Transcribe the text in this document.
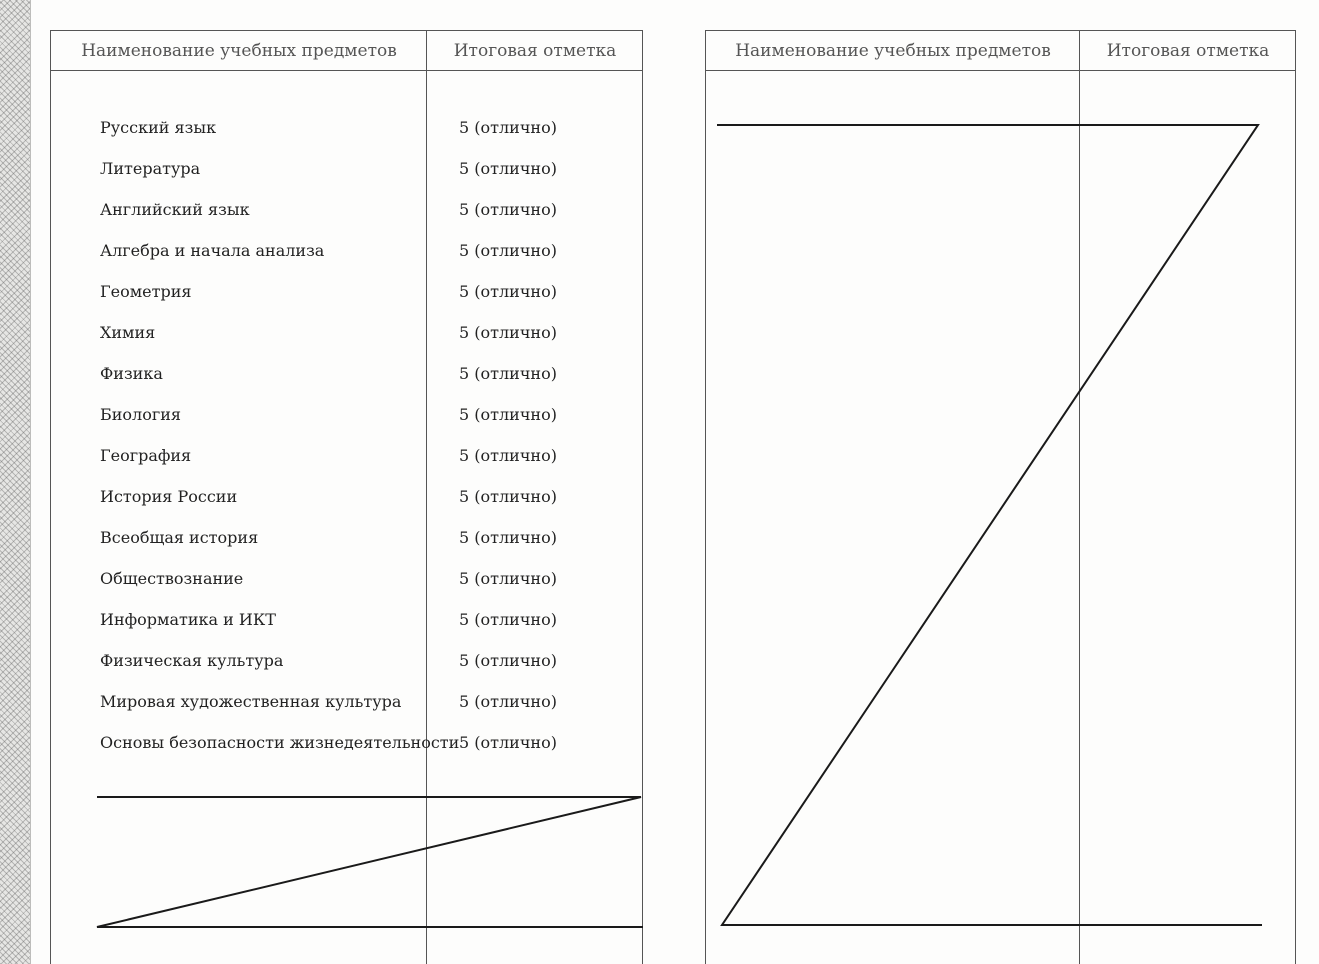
Наименование учебных предметов	Итоговая отметка
Русский язык	5 (отлично)
Литература	5 (отлично)
Английский язык	5 (отлично)
Алгебра и начала анализа	5 (отлично)
Геометрия	5 (отлично)
Химия	5 (отлично)
Физика	5 (отлично)
Биология	5 (отлично)
География	5 (отлично)
История России	5 (отлично)
Всеобщая история	5 (отлично)
Обществознание	5 (отлично)
Информатика и ИКТ	5 (отлично)
Физическая культура	5 (отлично)
Мировая художественная культура	5 (отлично)
Основы безопасности жизнедеятельности 5 (отлично)
Наименование учебных предметов	Итоговая отметка
